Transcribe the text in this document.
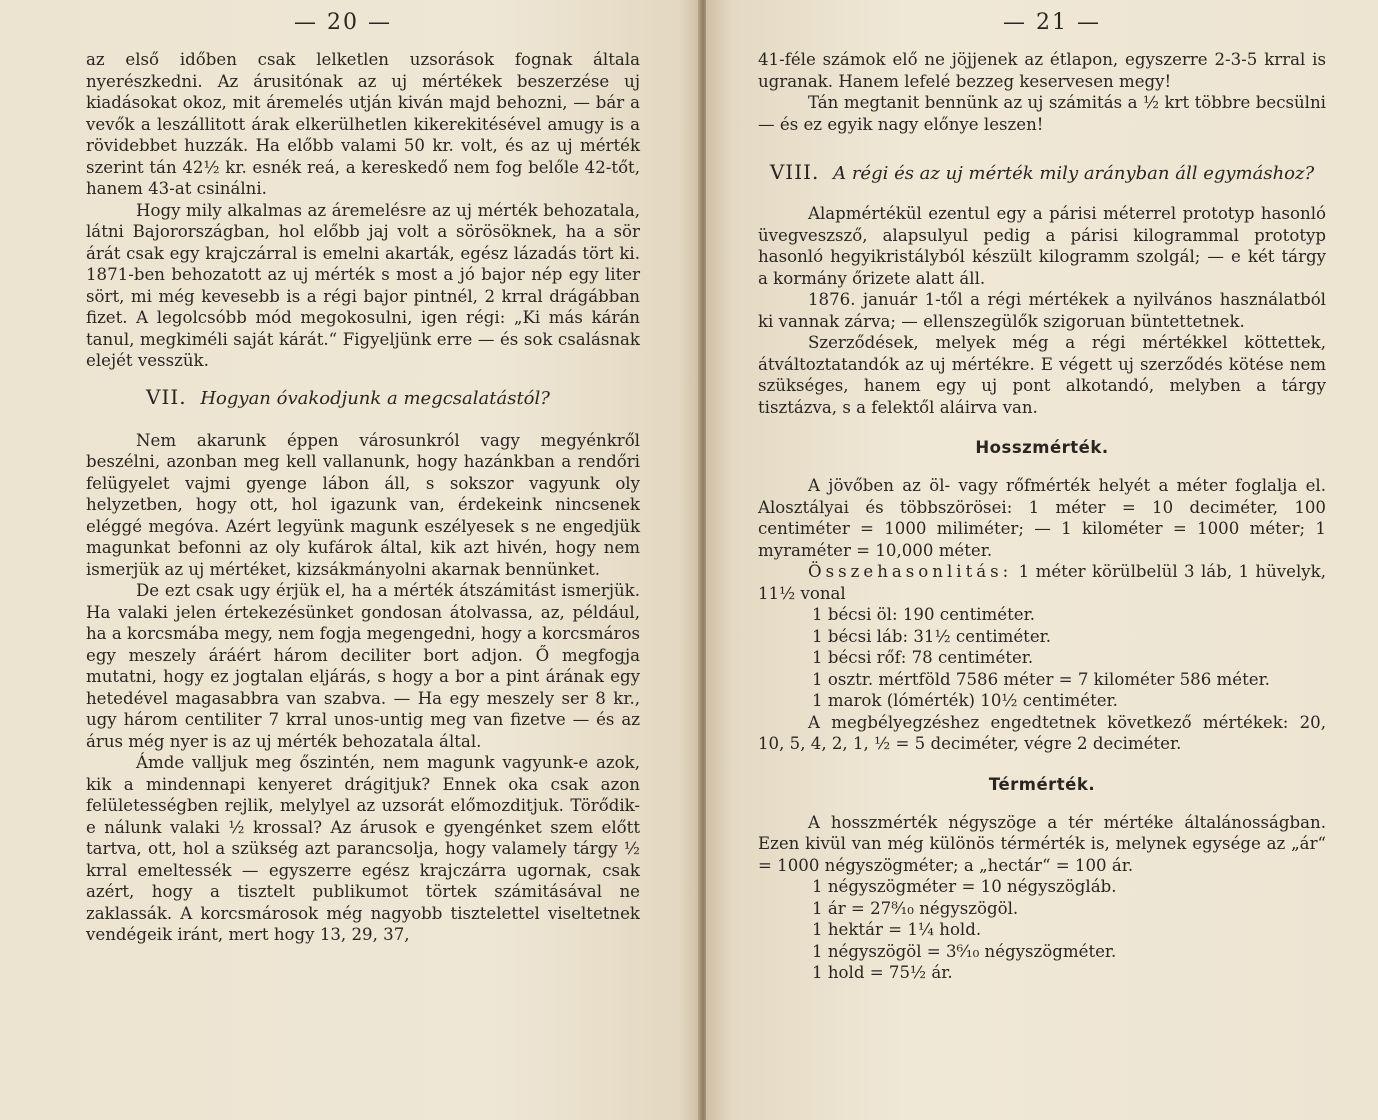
— 20 —

az első időben csak lelketlen uzsorások fognak általa nyerészkedni. Az árusitónak az uj mértékek beszerzése uj kiadásokat okoz, mit áremelés utján kiván majd behozni, — bár a vevők a leszállitott árak elkerülhetlen kikerekitésével amugy is a rövidebbet huzzák. Ha előbb valami 50 kr. volt, és az uj mérték szerint tán 42½ kr. esnék reá, a kereskedő nem fog belőle 42-tőt, hanem 43-at csinálni.

Hogy mily alkalmas az áremelésre az uj mérték behozatala, látni Bajorországban, hol előbb jaj volt a sörösöknek, ha a sör árát csak egy krajczárral is emelni akarták, egész lázadás tört ki. 1871-ben behozatott az uj mérték s most a jó bajor nép egy liter sört, mi még kevesebb is a régi bajor pintnél, 2 krral drágábban fizet. A legolcsóbb mód megokosulni, igen régi: „Ki más kárán tanul, megkiméli saját kárát.“ Figyeljünk erre — és sok csalásnak elejét vesszük.

VII. Hogyan óvakodjunk a megcsalatástól?

Nem akarunk éppen városunkról vagy megyénkről beszélni, azonban meg kell vallanunk, hogy hazánkban a rendőri felügyelet vajmi gyenge lábon áll, s sokszor vagyunk oly helyzetben, hogy ott, hol igazunk van, érdekeink nincsenek eléggé megóva. Azért legyünk magunk eszélyesek s ne engedjük magunkat befonni az oly kufárok által, kik azt hivén, hogy nem ismerjük az uj mértéket, kizsákmányolni akarnak bennünket.

De ezt csak ugy érjük el, ha a mérték átszámitást ismerjük. Ha valaki jelen értekezésünket gondosan átolvassa, az, például, ha a korcsmába megy, nem fogja megengedni, hogy a korcsmáros egy meszely áráért három deciliter bort adjon. Ő megfogja mutatni, hogy ez jogtalan eljárás, s hogy a bor a pint árának egy hetedével magasabbra van szabva. — Ha egy meszely ser 8 kr., ugy három centiliter 7 krral unos-untig meg van fizetve — és az árus még nyer is az uj mérték behozatala által.

Ámde valljuk meg őszintén, nem magunk vagyunk-e azok, kik a mindennapi kenyeret drágitjuk? Ennek oka csak azon felületességben rejlik, melylyel az uzsorát előmozditjuk. Törődik-e nálunk valaki ½ krossal? Az árusok e gyengénket szem előtt tartva, ott, hol a szükség azt parancsolja, hogy valamely tárgy ½ krral emeltessék — egyszerre egész krajczárra ugornak, csak azért, hogy a tisztelt publikumot törtek számitásával ne zaklassák. A korcsmárosok még nagyobb tisztelettel viseltetnek vendégeik iránt, mert hogy 13, 29, 37,

— 21 —

41-féle számok elő ne jöjjenek az étlapon, egyszerre 2-3-5 krral is ugranak. Hanem lefelé bezzeg keservesen megy!

Tán megtanit bennünk az uj számitás a ½ krt többre becsülni — és ez egyik nagy előnye leszen!

VIII. A régi és az uj mérték mily arányban áll egymáshoz?

Alapmértékül ezentul egy a párisi méterrel prototyp hasonló üvegveszsző, alapsulyul pedig a párisi kilogrammal prototyp hasonló hegyikristályból készült kilogramm szolgál; — e két tárgy a kormány őrizete alatt áll.

1876. január 1-től a régi mértékek a nyilvános használatból ki vannak zárva; — ellenszegülők szigoruan büntettetnek.

Szerződések, melyek még a régi mértékkel köttettek, átváltoztatandók az uj mértékre. E végett uj szerződés kötése nem szükséges, hanem egy uj pont alkotandó, melyben a tárgy tisztázva, s a felektől aláirva van.

Hosszmérték.

A jövőben az öl- vagy rőfmérték helyét a méter foglalja el. Alosztályai és többszörösei: 1 méter = 10 deciméter, 100 centiméter = 1000 miliméter; — 1 kilométer = 1000 méter; 1 myraméter = 10,000 méter.

Összehasonlitás: 1 méter körülbelül 3 láb, 1 hüvelyk, 11½ vonal

1 bécsi öl: 190 centiméter.
1 bécsi láb: 31½ centiméter.
1 bécsi rőf: 78 centiméter.
1 osztr. mértföld 7586 méter = 7 kilométer 586 méter.
1 marok (lómérték) 10½ centiméter.

A megbélyegzéshez engedtetnek következő mértékek: 20, 10, 5, 4, 2, 1, ½ = 5 deciméter, végre 2 deciméter.

Térmérték.

A hosszmérték négyszöge a tér mértéke általánosságban. Ezen kivül van még különös térmérték is, melynek egysége az „ár“ = 1000 négyszögméter; a „hectár“ = 100 ár.

1 négyszögméter = 10 négyszögláb.
1 ár = 27⁸⁄₁₀ négyszögöl.
1 hektár = 1¼ hold.
1 négyszögöl = 3⁶⁄₁₀ négyszögméter.
1 hold = 75½ ár.
